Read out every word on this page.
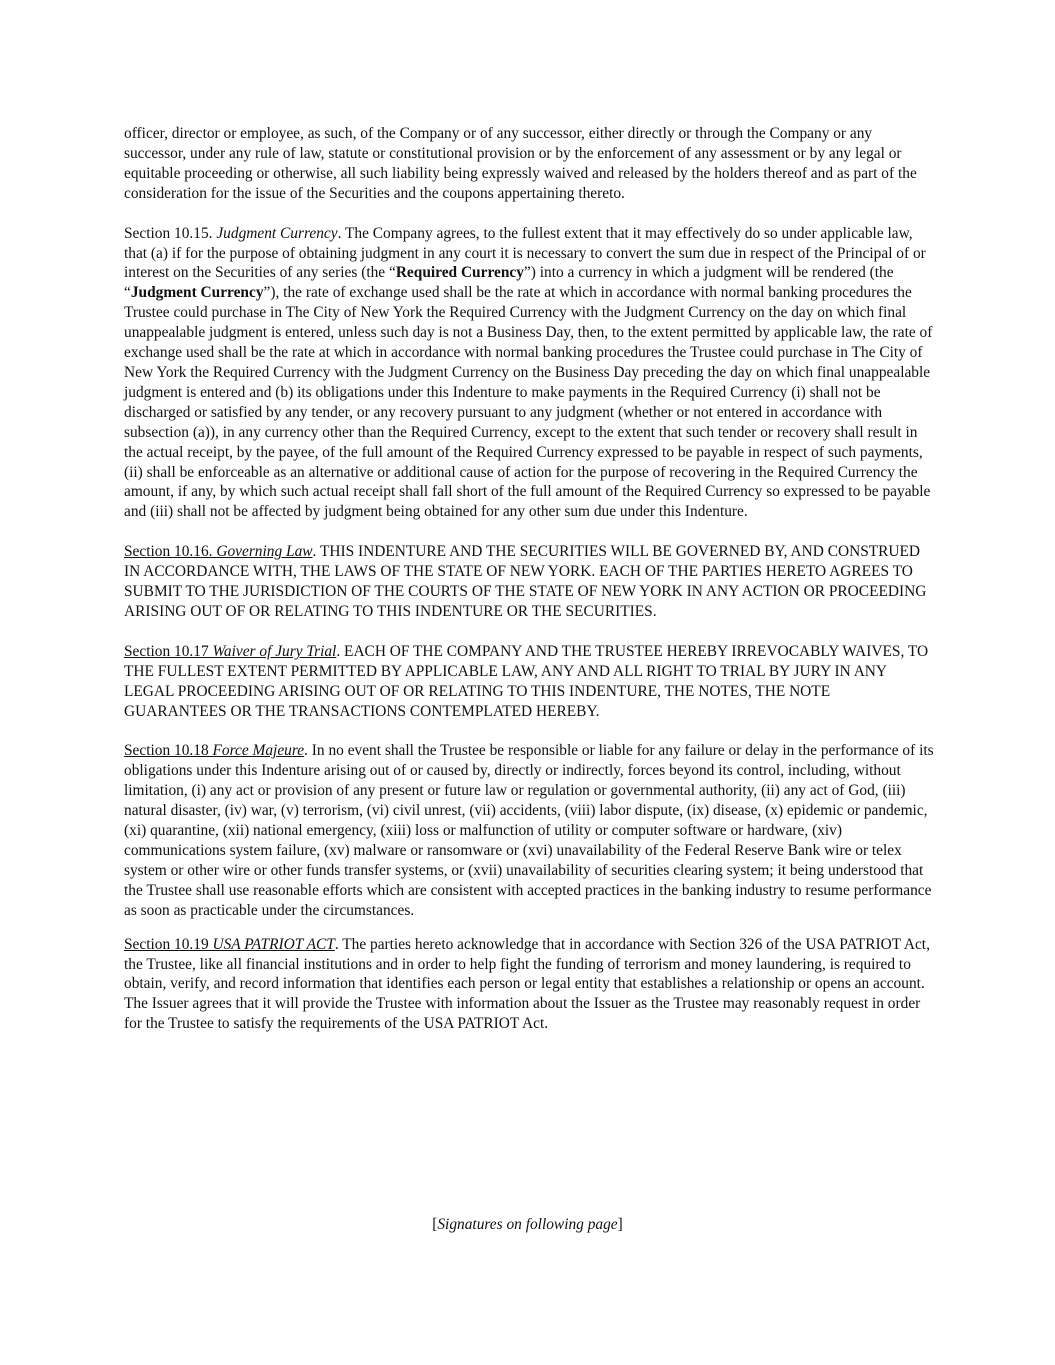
officer, director or employee, as such, of the Company or of any successor, either directly or through the Company or any successor, under any rule of law, statute or constitutional provision or by the enforcement of any assessment or by any legal or equitable proceeding or otherwise, all such liability being expressly waived and released by the holders thereof and as part of the consideration for the issue of the Securities and the coupons appertaining thereto.

Section 10.15. Judgment Currency. The Company agrees, to the fullest extent that it may effectively do so under applicable law, that (a) if for the purpose of obtaining judgment in any court it is necessary to convert the sum due in respect of the Principal of or interest on the Securities of any series (the “Required Currency”) into a currency in which a judgment will be rendered (the “Judgment Currency”), the rate of exchange used shall be the rate at which in accordance with normal banking procedures the Trustee could purchase in The City of New York the Required Currency with the Judgment Currency on the day on which final unappealable judgment is entered, unless such day is not a Business Day, then, to the extent permitted by applicable law, the rate of exchange used shall be the rate at which in accordance with normal banking procedures the Trustee could purchase in The City of New York the Required Currency with the Judgment Currency on the Business Day preceding the day on which final unappealable judgment is entered and (b) its obligations under this Indenture to make payments in the Required Currency (i) shall not be discharged or satisfied by any tender, or any recovery pursuant to any judgment (whether or not entered in accordance with subsection (a)), in any currency other than the Required Currency, except to the extent that such tender or recovery shall result in the actual receipt, by the payee, of the full amount of the Required Currency expressed to be payable in respect of such payments, (ii) shall be enforceable as an alternative or additional cause of action for the purpose of recovering in the Required Currency the amount, if any, by which such actual receipt shall fall short of the full amount of the Required Currency so expressed to be payable and (iii) shall not be affected by judgment being obtained for any other sum due under this Indenture.

Section 10.16. Governing Law. THIS INDENTURE AND THE SECURITIES WILL BE GOVERNED BY, AND CONSTRUED IN ACCORDANCE WITH, THE LAWS OF THE STATE OF NEW YORK. EACH OF THE PARTIES HERETO AGREES TO SUBMIT TO THE JURISDICTION OF THE COURTS OF THE STATE OF NEW YORK IN ANY ACTION OR PROCEEDING ARISING OUT OF OR RELATING TO THIS INDENTURE OR THE SECURITIES.

Section 10.17 Waiver of Jury Trial. EACH OF THE COMPANY AND THE TRUSTEE HEREBY IRREVOCABLY WAIVES, TO THE FULLEST EXTENT PERMITTED BY APPLICABLE LAW, ANY AND ALL RIGHT TO TRIAL BY JURY IN ANY LEGAL PROCEEDING ARISING OUT OF OR RELATING TO THIS INDENTURE, THE NOTES, THE NOTE GUARANTEES OR THE TRANSACTIONS CONTEMPLATED HEREBY.

Section 10.18 Force Majeure. In no event shall the Trustee be responsible or liable for any failure or delay in the performance of its obligations under this Indenture arising out of or caused by, directly or indirectly, forces beyond its control, including, without limitation, (i) any act or provision of any present or future law or regulation or governmental authority, (ii) any act of God, (iii) natural disaster, (iv) war, (v) terrorism, (vi) civil unrest, (vii) accidents, (viii) labor dispute, (ix) disease, (x) epidemic or pandemic, (xi) quarantine, (xii) national emergency, (xiii) loss or malfunction of utility or computer software or hardware, (xiv) communications system failure, (xv) malware or ransomware or (xvi) unavailability of the Federal Reserve Bank wire or telex system or other wire or other funds transfer systems, or (xvii) unavailability of securities clearing system; it being understood that the Trustee shall use reasonable efforts which are consistent with accepted practices in the banking industry to resume performance as soon as practicable under the circumstances.

Section 10.19 USA PATRIOT ACT. The parties hereto acknowledge that in accordance with Section 326 of the USA PATRIOT Act, the Trustee, like all financial institutions and in order to help fight the funding of terrorism and money laundering, is required to obtain, verify, and record information that identifies each person or legal entity that establishes a relationship or opens an account. The Issuer agrees that it will provide the Trustee with information about the Issuer as the Trustee may reasonably request in order for the Trustee to satisfy the requirements of the USA PATRIOT Act.

[Signatures on following page]
